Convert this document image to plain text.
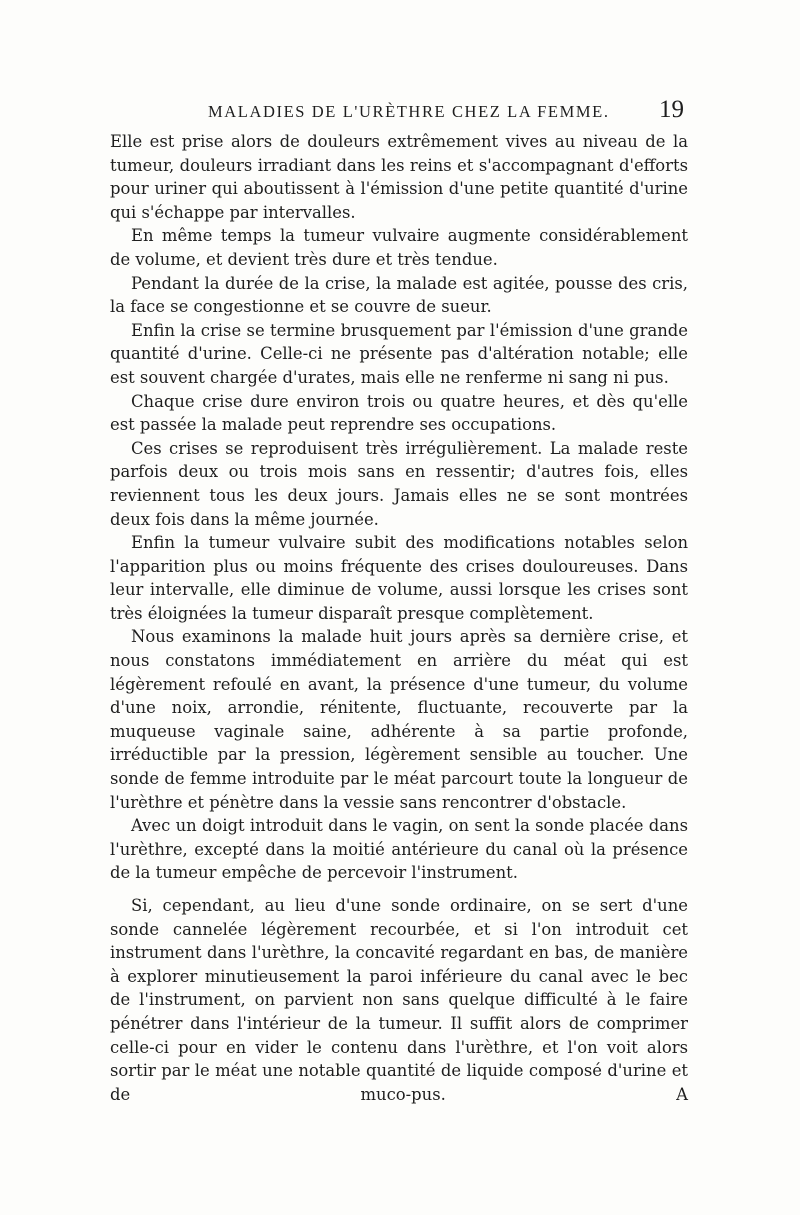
MALADIES DE L'URÈTHRE CHEZ LA FEMME. 19

Elle est prise alors de douleurs extrêmement vives au niveau de la tumeur, douleurs irradiant dans les reins et s'accompagnant d'efforts pour uriner qui aboutissent à l'émission d'une petite quantité d'urine qui s'échappe par intervalles.

En même temps la tumeur vulvaire augmente considérablement de volume, et devient très dure et très tendue.

Pendant la durée de la crise, la malade est agitée, pousse des cris, la face se congestionne et se couvre de sueur.

Enfin la crise se termine brusquement par l'émission d'une grande quantité d'urine. Celle-ci ne présente pas d'altération notable; elle est souvent chargée d'urates, mais elle ne renferme ni sang ni pus.

Chaque crise dure environ trois ou quatre heures, et dès qu'elle est passée la malade peut reprendre ses occupations.

Ces crises se reproduisent très irrégulièrement. La malade reste parfois deux ou trois mois sans en ressentir; d'autres fois, elles reviennent tous les deux jours. Jamais elles ne se sont montrées deux fois dans la même journée.

Enfin la tumeur vulvaire subit des modifications notables selon l'apparition plus ou moins fréquente des crises douloureuses. Dans leur intervalle, elle diminue de volume, aussi lorsque les crises sont très éloignées la tumeur disparaît presque complètement.

Nous examinons la malade huit jours après sa dernière crise, et nous constatons immédiatement en arrière du méat qui est légèrement refoulé en avant, la présence d'une tumeur, du volume d'une noix, arrondie, rénitente, fluctuante, recouverte par la muqueuse vaginale saine, adhérente à sa partie profonde, irréductible par la pression, légèrement sensible au toucher. Une sonde de femme introduite par le méat parcourt toute la longueur de l'urèthre et pénètre dans la vessie sans rencontrer d'obstacle.

Avec un doigt introduit dans le vagin, on sent la sonde placée dans l'urèthre, excepté dans la moitié antérieure du canal où la présence de la tumeur empêche de percevoir l'instrument.

Si, cependant, au lieu d'une sonde ordinaire, on se sert d'une sonde cannelée légèrement recourbée, et si l'on introduit cet instrument dans l'urèthre, la concavité regardant en bas, de manière à explorer minutieusement la paroi inférieure du canal avec le bec de l'instrument, on parvient non sans quelque difficulté à le faire pénétrer dans l'intérieur de la tumeur. Il suffit alors de comprimer celle-ci pour en vider le contenu dans l'urèthre, et l'on voit alors sortir par le méat une notable quantité de liquide composé d'urine et de muco-pus. A
